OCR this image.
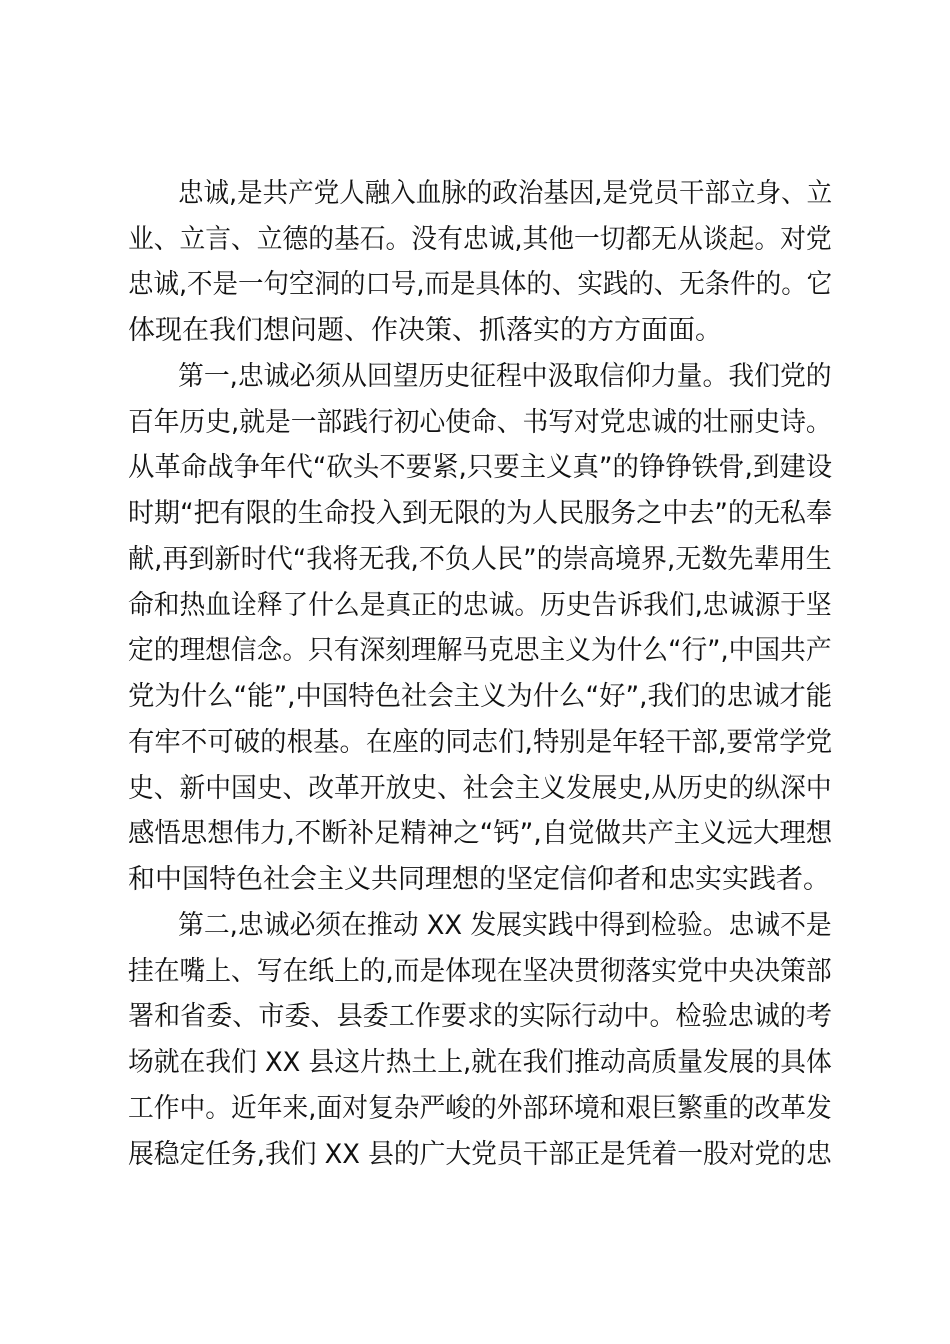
忠诚,是共产党人融入血脉的政治基因,是党员干部立身、立
业、立言、立德的基石。没有忠诚,其他一切都无从谈起。对党
忠诚,不是一句空洞的口号,而是具体的、实践的、无条件的。它
体现在我们想问题、作决策、抓落实的方方面面。
第一,忠诚必须从回望历史征程中汲取信仰力量。我们党的
百年历史,就是一部践行初心使命、书写对党忠诚的壮丽史诗。
从革命战争年代“砍头不要紧,只要主义真”的铮铮铁骨,到建设
时期“把有限的生命投入到无限的为人民服务之中去”的无私奉
献,再到新时代“我将无我,不负人民”的崇高境界,无数先辈用生
命和热血诠释了什么是真正的忠诚。历史告诉我们,忠诚源于坚
定的理想信念。只有深刻理解马克思主义为什么“行”,中国共产
党为什么“能”,中国特色社会主义为什么“好”,我们的忠诚才能
有牢不可破的根基。在座的同志们,特别是年轻干部,要常学党
史、新中国史、改革开放史、社会主义发展史,从历史的纵深中
感悟思想伟力,不断补足精神之“钙”,自觉做共产主义远大理想
和中国特色社会主义共同理想的坚定信仰者和忠实实践者。
第二,忠诚必须在推动 XX 发展实践中得到检验。忠诚不是
挂在嘴上、写在纸上的,而是体现在坚决贯彻落实党中央决策部
署和省委、市委、县委工作要求的实际行动中。检验忠诚的考
场就在我们 XX 县这片热土上,就在我们推动高质量发展的具体
工作中。近年来,面对复杂严峻的外部环境和艰巨繁重的改革发
展稳定任务,我们 XX 县的广大党员干部正是凭着一股对党的忠
